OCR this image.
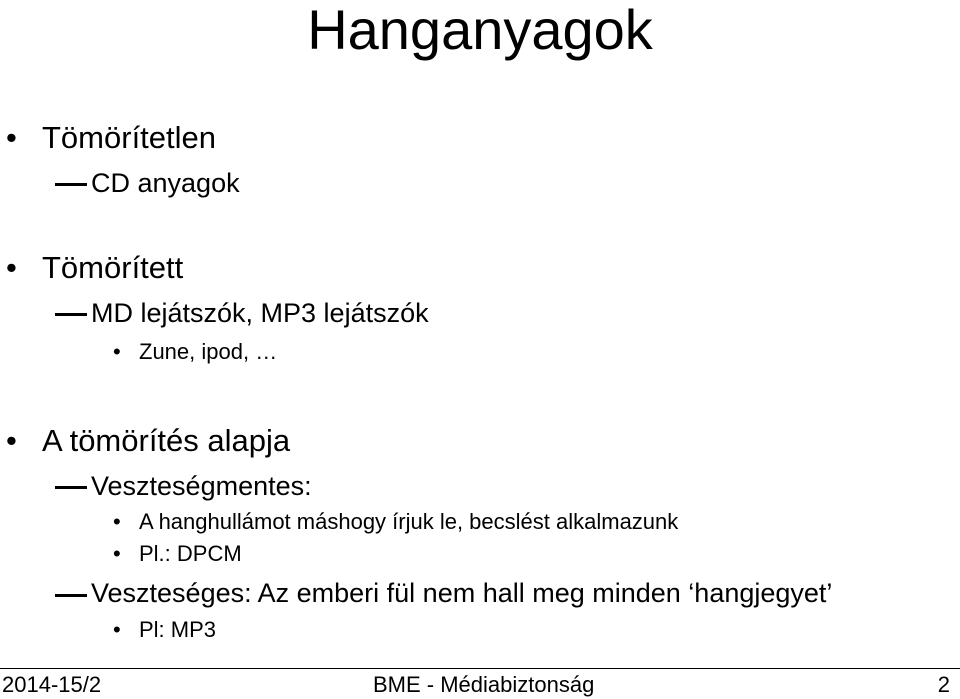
Hanganyagok
• Tömörítetlen
CD anyagok
• Tömörített
MD lejátszók, MP3 lejátszók
• Zune, ipod, …
• A tömörítés alapja
Veszteségmentes:
• A hanghullámot máshogy írjuk le, becslést alkalmazunk
• Pl.: DPCM
Veszteséges: Az emberi fül nem hall meg minden ‘hangjegyet’
• Pl: MP3
2014-15/2	BME - Médiabiztonság	2
